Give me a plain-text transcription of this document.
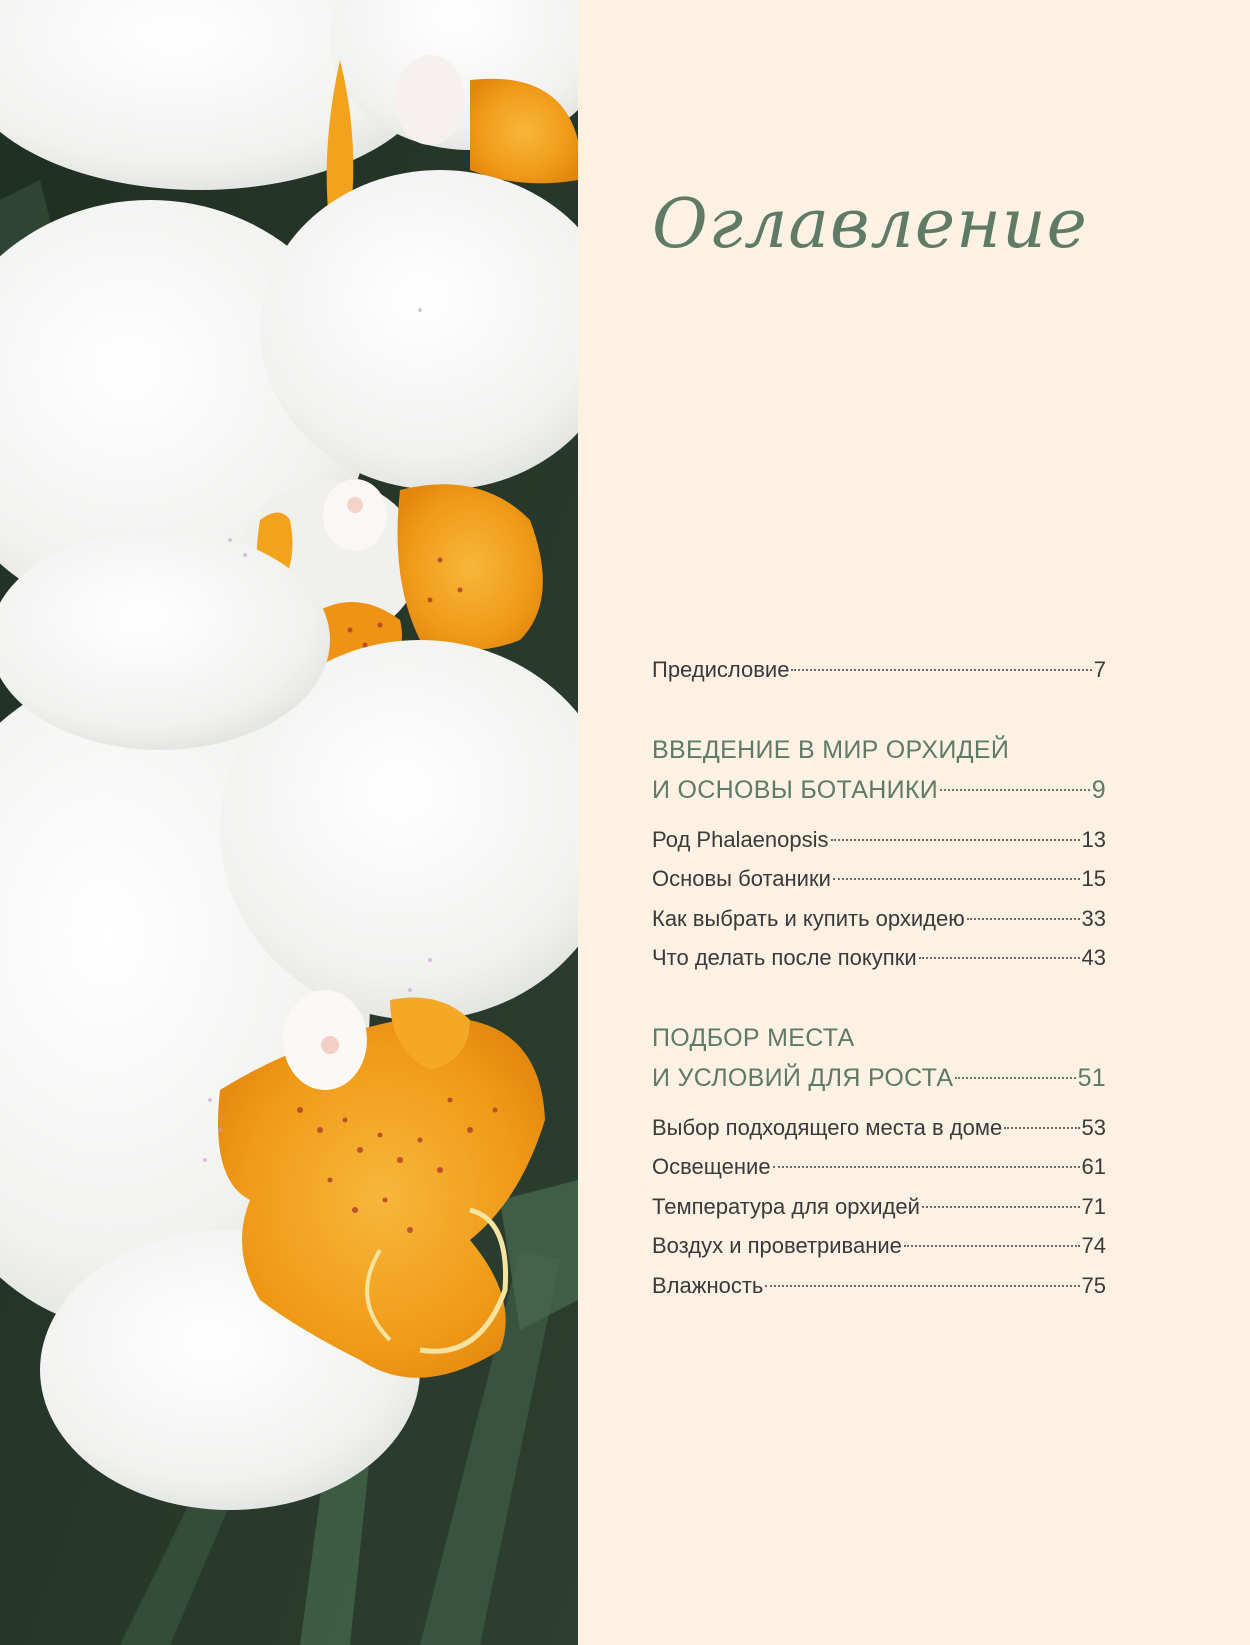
Оглавление
Предисловие	7
ВВЕДЕНИЕ В МИР ОРХИДЕЙ
И ОСНОВЫ БОТАНИКИ	9
Род Phalaenopsis	13
Основы ботаники	15
Как выбрать и купить орхидею	33
Что делать после покупки	43
ПОДБОР МЕСТА
И УСЛОВИЙ ДЛЯ РОСТА	51
Выбор подходящего места в доме	53
Освещение	61
Температура для орхидей	71
Воздух и проветривание	74
Влажность	75
